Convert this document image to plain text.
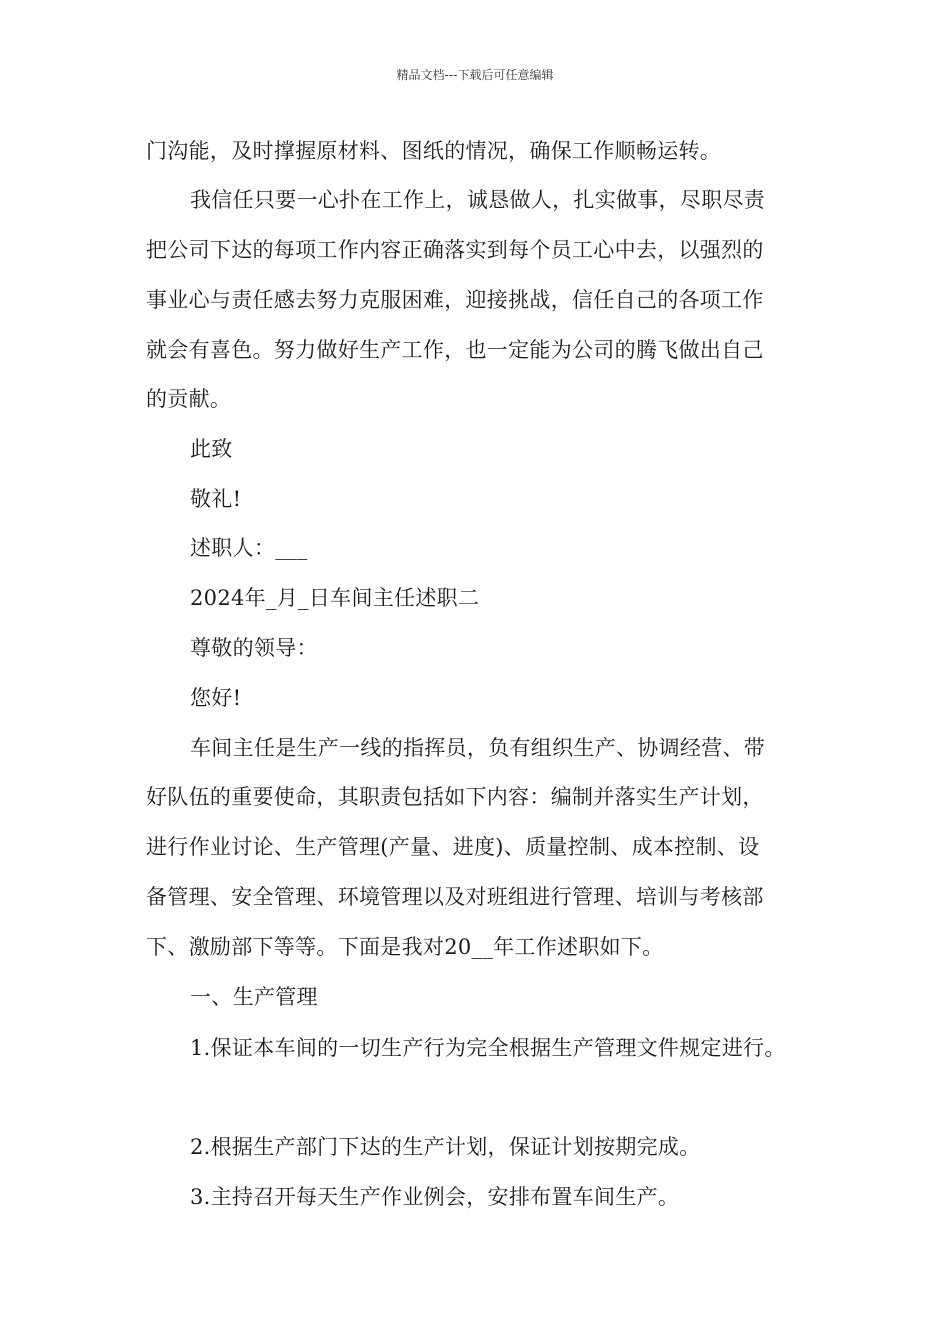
精品文档---下载后可任意编辑
门沟能，及时撑握原材料、图纸的情况，确保工作顺畅运转。
我信任只要一心扑在工作上，诚恳做人，扎实做事，尽职尽责
把公司下达的每项工作内容正确落实到每个员工心中去，以强烈的
事业心与责任感去努力克服困难，迎接挑战，信任自己的各项工作
就会有喜色。努力做好生产工作，也一定能为公司的腾飞做出自己
的贡献。
此致
敬礼!
述职人：___
2024年_月_日车间主任述职二
尊敬的领导：
您好!
车间主任是生产一线的指挥员，负有组织生产、协调经营、带
好队伍的重要使命，其职责包括如下内容：编制并落实生产计划，
进行作业讨论、生产管理(产量、进度)、质量控制、成本控制、设
备管理、安全管理、环境管理以及对班组进行管理、培训与考核部
下、激励部下等等。下面是我对20__年工作述职如下。
一、生产管理
1.保证本车间的一切生产行为完全根据生产管理文件规定进行。
2.根据生产部门下达的生产计划，保证计划按期完成。
3.主持召开每天生产作业例会，安排布置车间生产。
